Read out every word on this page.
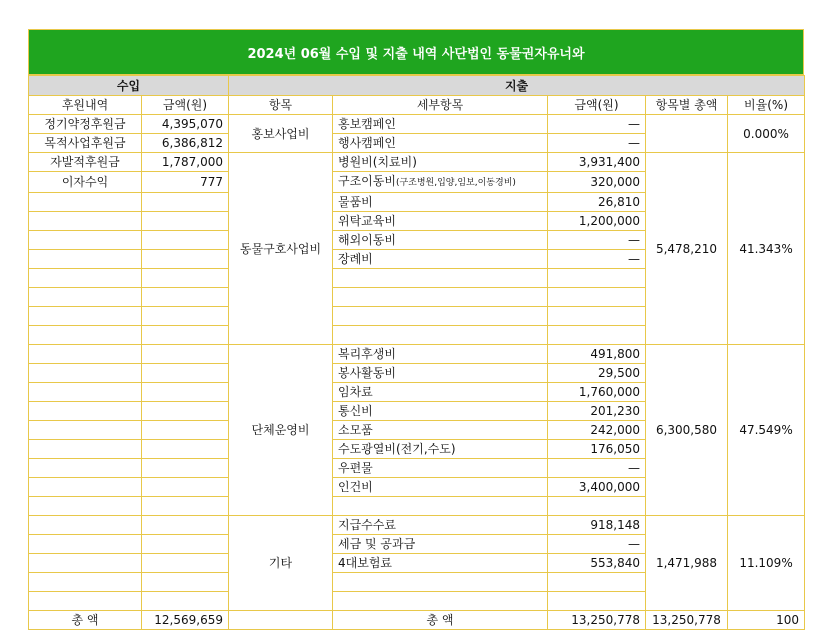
2024년 06월 수입 및 지출 내역 사단법인 동물권자유너와
수입		지출				
후원내역	금액(원)	항목	세부항목	금액(원)	항목별 총액	비율(%)
정기약정후원금	4,395,070	홍보사업비	홍보캠페인	—		0.000%
목적사업후원금	6,386,812		행사캠페인	—		
자발적후원금	1,787,000	동물구호사업비	병원비(치료비)	3,931,400	5,478,210	41.343%
이자수익	777		구조이동비(구조병원,입양,임보,이동경비)	320,000		
			물품비	26,810		
			위탁교육비	1,200,000		
			해외이동비	—		
			장례비	—		

		단체운영비	복리후생비	491,800	6,300,580	47.549%
			봉사활동비	29,500		
			임차료	1,760,000		
			통신비	201,230		
			소모품	242,000		
			수도광열비(전기,수도)	176,050		
			우편물	—		
			인건비	3,400,000		

		기타	지급수수료	918,148	1,471,988	11.109%
			세금 및 공과금	—		
			4대보험료	553,840		

총 액	12,569,659		총 액	13,250,778	13,250,778	100
